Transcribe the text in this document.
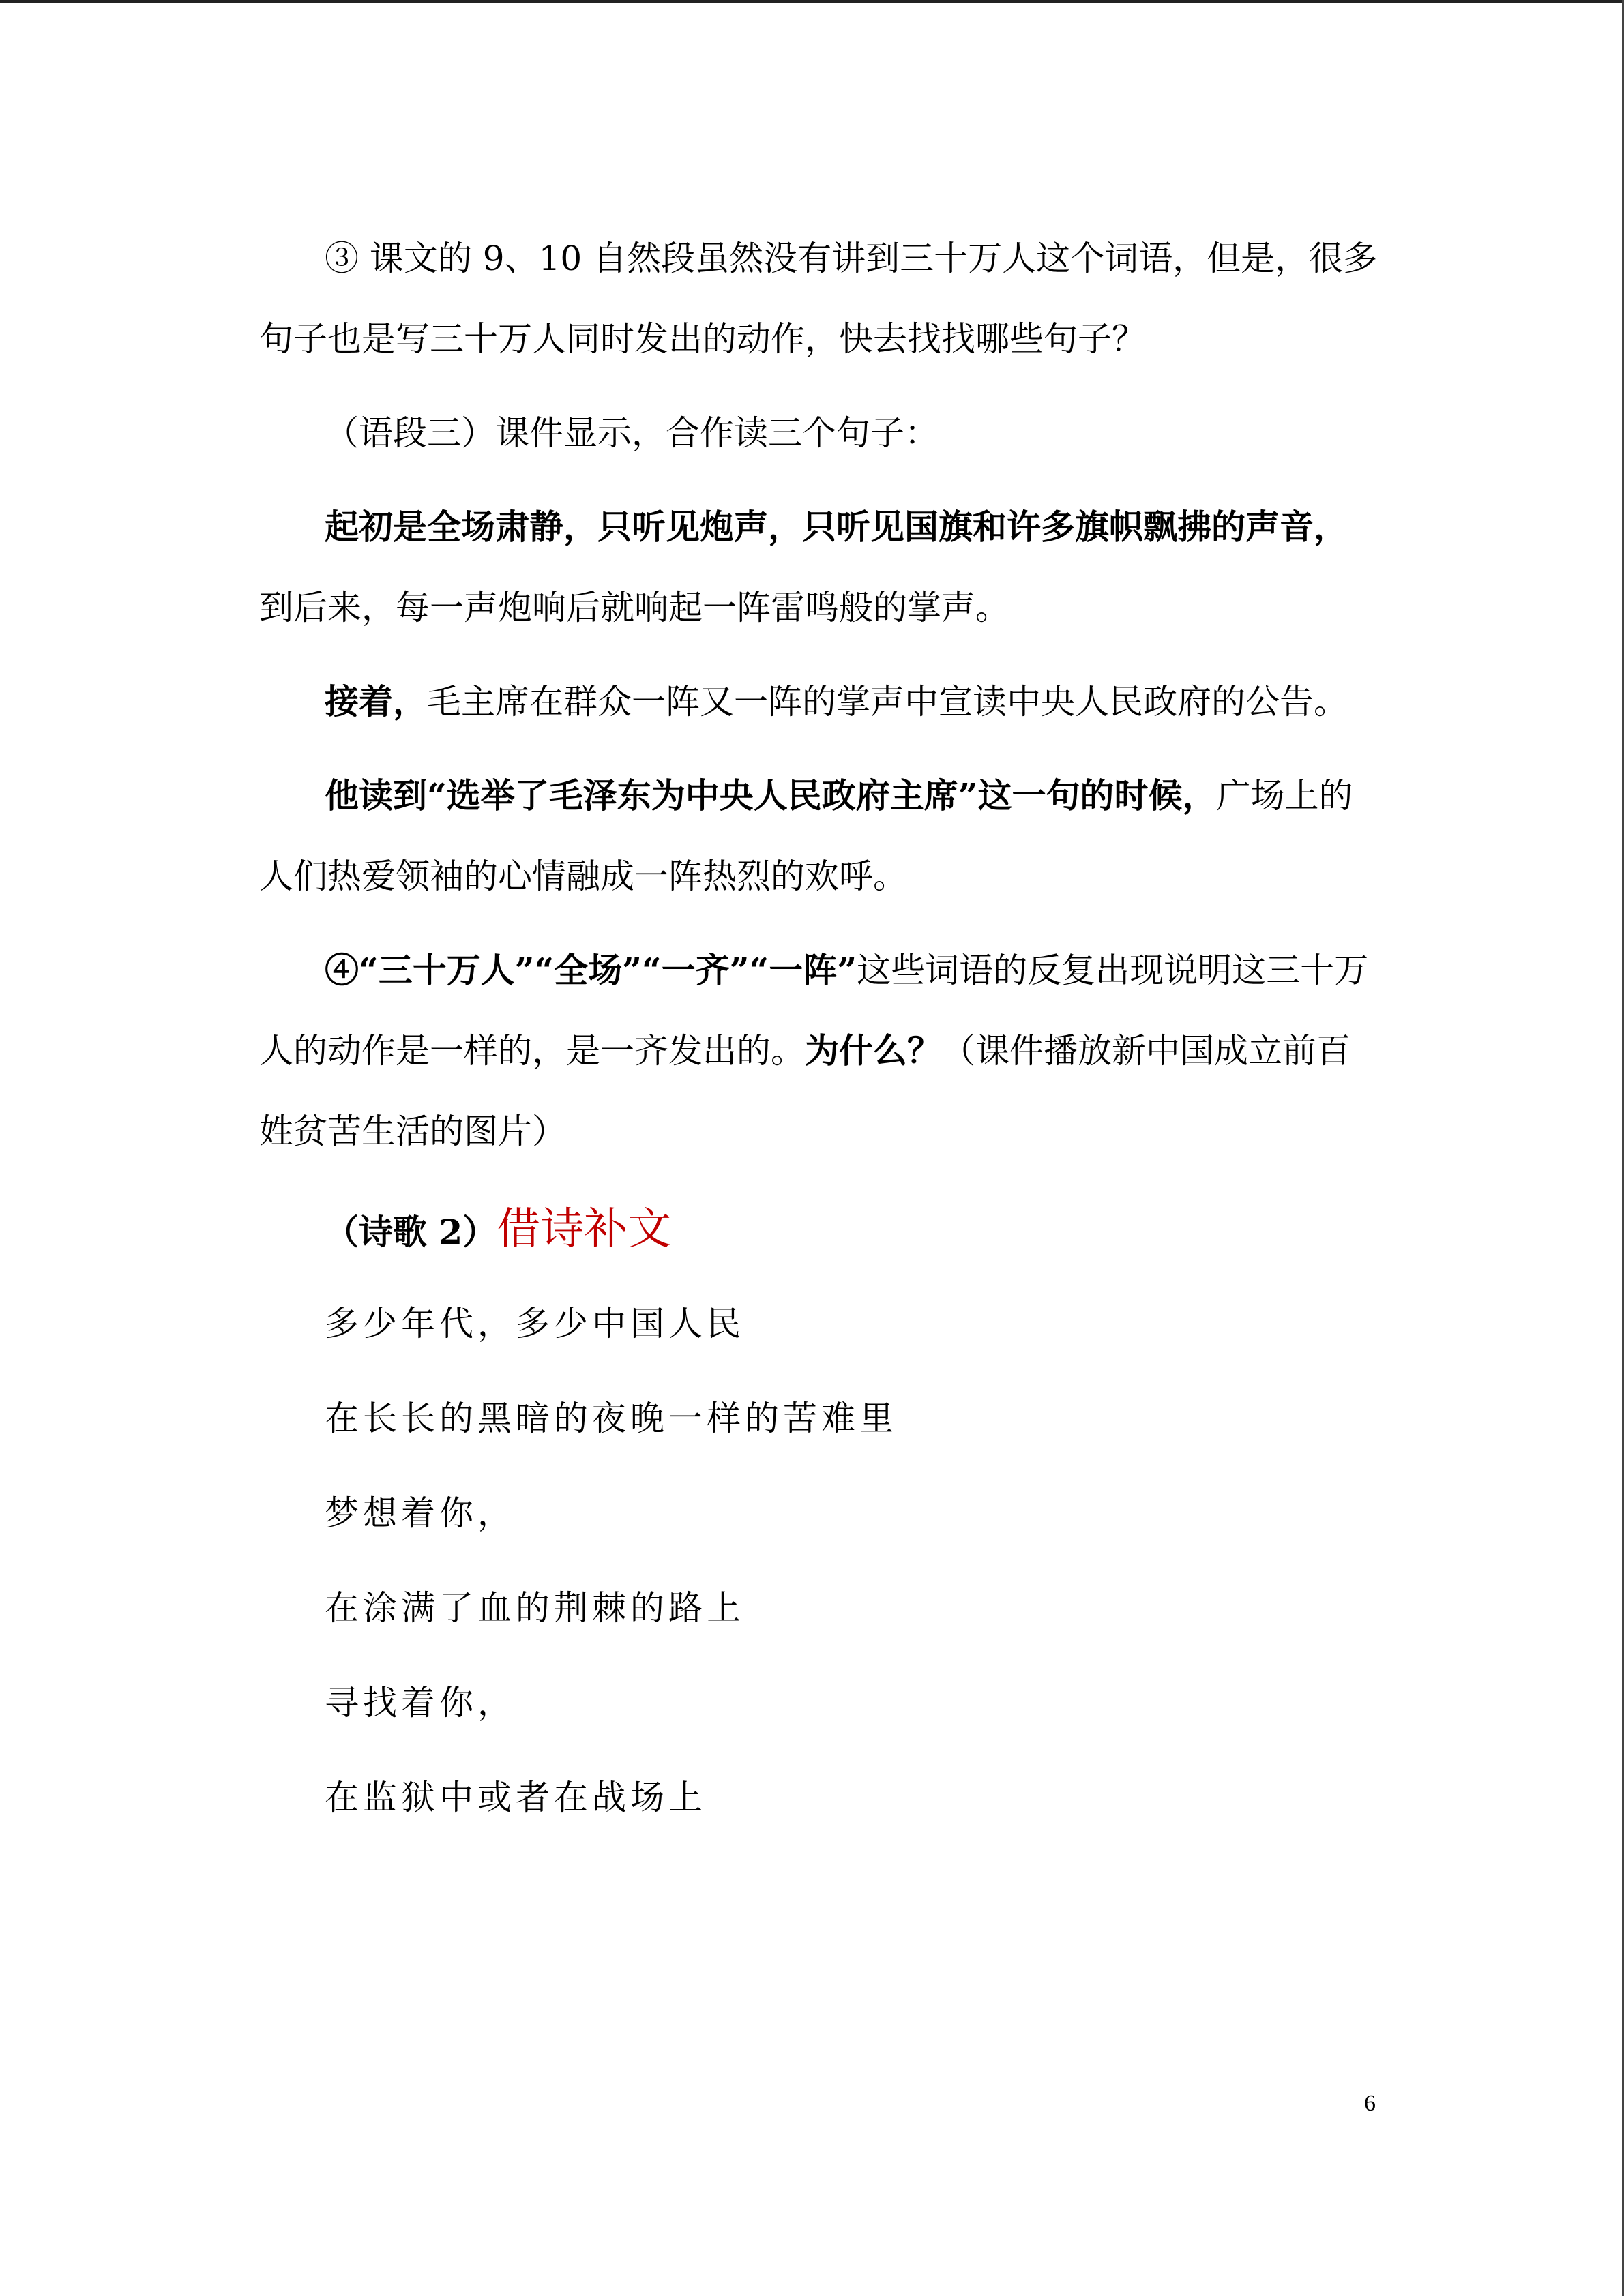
③ 课文的 9、10 自然段虽然没有讲到三十万人这个词语，但是，很多句子也是写三十万人同时发出的动作，快去找找哪些句子？

（语段三）课件显示，合作读三个句子：

起初是全场肃静，只听见炮声，只听见国旗和许多旗帜飘拂的声音，到后来，每一声炮响后就响起一阵雷鸣般的掌声。

接着，毛主席在群众一阵又一阵的掌声中宣读中央人民政府的公告。

他读到“选举了毛泽东为中央人民政府主席”这一句的时候，广场上的人们热爱领袖的心情融成一阵热烈的欢呼。

④“三十万人”“全场”“一齐”“一阵”这些词语的反复出现说明这三十万人的动作是一样的，是一齐发出的。为什么？（课件播放新中国成立前百姓贫苦生活的图片）

（诗歌 2）借诗补文

多少年代，多少中国人民

在长长的黑暗的夜晚一样的苦难里

梦想着你，

在涂满了血的荆棘的路上

寻找着你，

在监狱中或者在战场上

6
